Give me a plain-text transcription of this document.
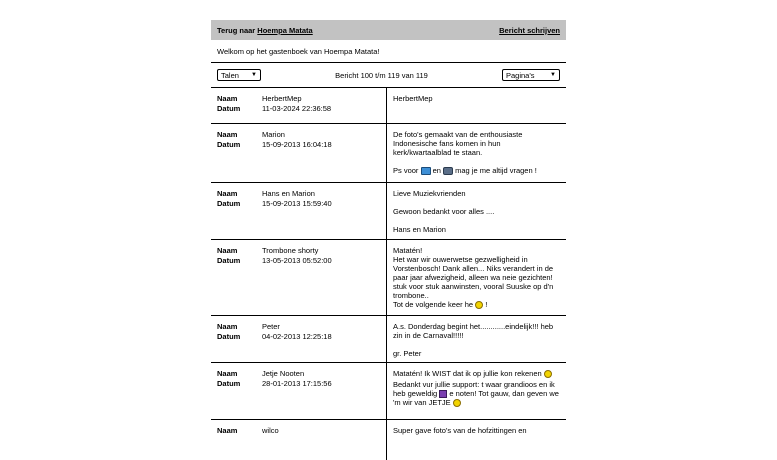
Terug naar Hoempa Matata	Bericht schrijven
Welkom op het gastenboek van Hoempa Matata!
Talen ▼	Bericht 100 t/m 119 van 119	Pagina's	▼
Naam	HerbertMep
Datum	11-03-2024 22:36:58

HerbertMep

Naam	Marion
Datum	15-09-2013 16:04:18

De foto's gemaakt van de enthousiaste Indonesische fans komen in hun kerk/kwartaalblad te staan.

Ps voor  en  mag je me altijd vragen !

Naam	Hans en Marion
Datum	15-09-2013 15:59:40

Lieve Muziekvrienden

Gewoon bedankt voor alles ....

Hans en Marion

Naam	Trombone shorty
Datum	13-05-2013 05:52:00

Matatén!
Het war wir ouwerwetse gezwelligheid in Vorstenbosch! Dank allen... Niks verandert in de paar jaar afwezigheid, alleen wa neie gezichten! stuk voor stuk aanwinsten, vooral Suuske op d'n trombone..
Tot de volgende keer he  !

Naam	Peter
Datum	04-02-2013 12:25:18

A.s. Donderdag begint het............eindelijk!!! heb zin in de Carnaval!!!!!

gr. Peter

Naam	Jetje Nooten
Datum	28-01-2013 17:15:56

Matatén! Ik WIST dat ik op jullie kon rekenen

Bedankt vur jullie support: t waar grandioos en ik heb geweldig  e noten! Tot gauw, dan geven we 'm wir van JETJE

Naam	wilco	Super gave foto's van de hofzittingen en
